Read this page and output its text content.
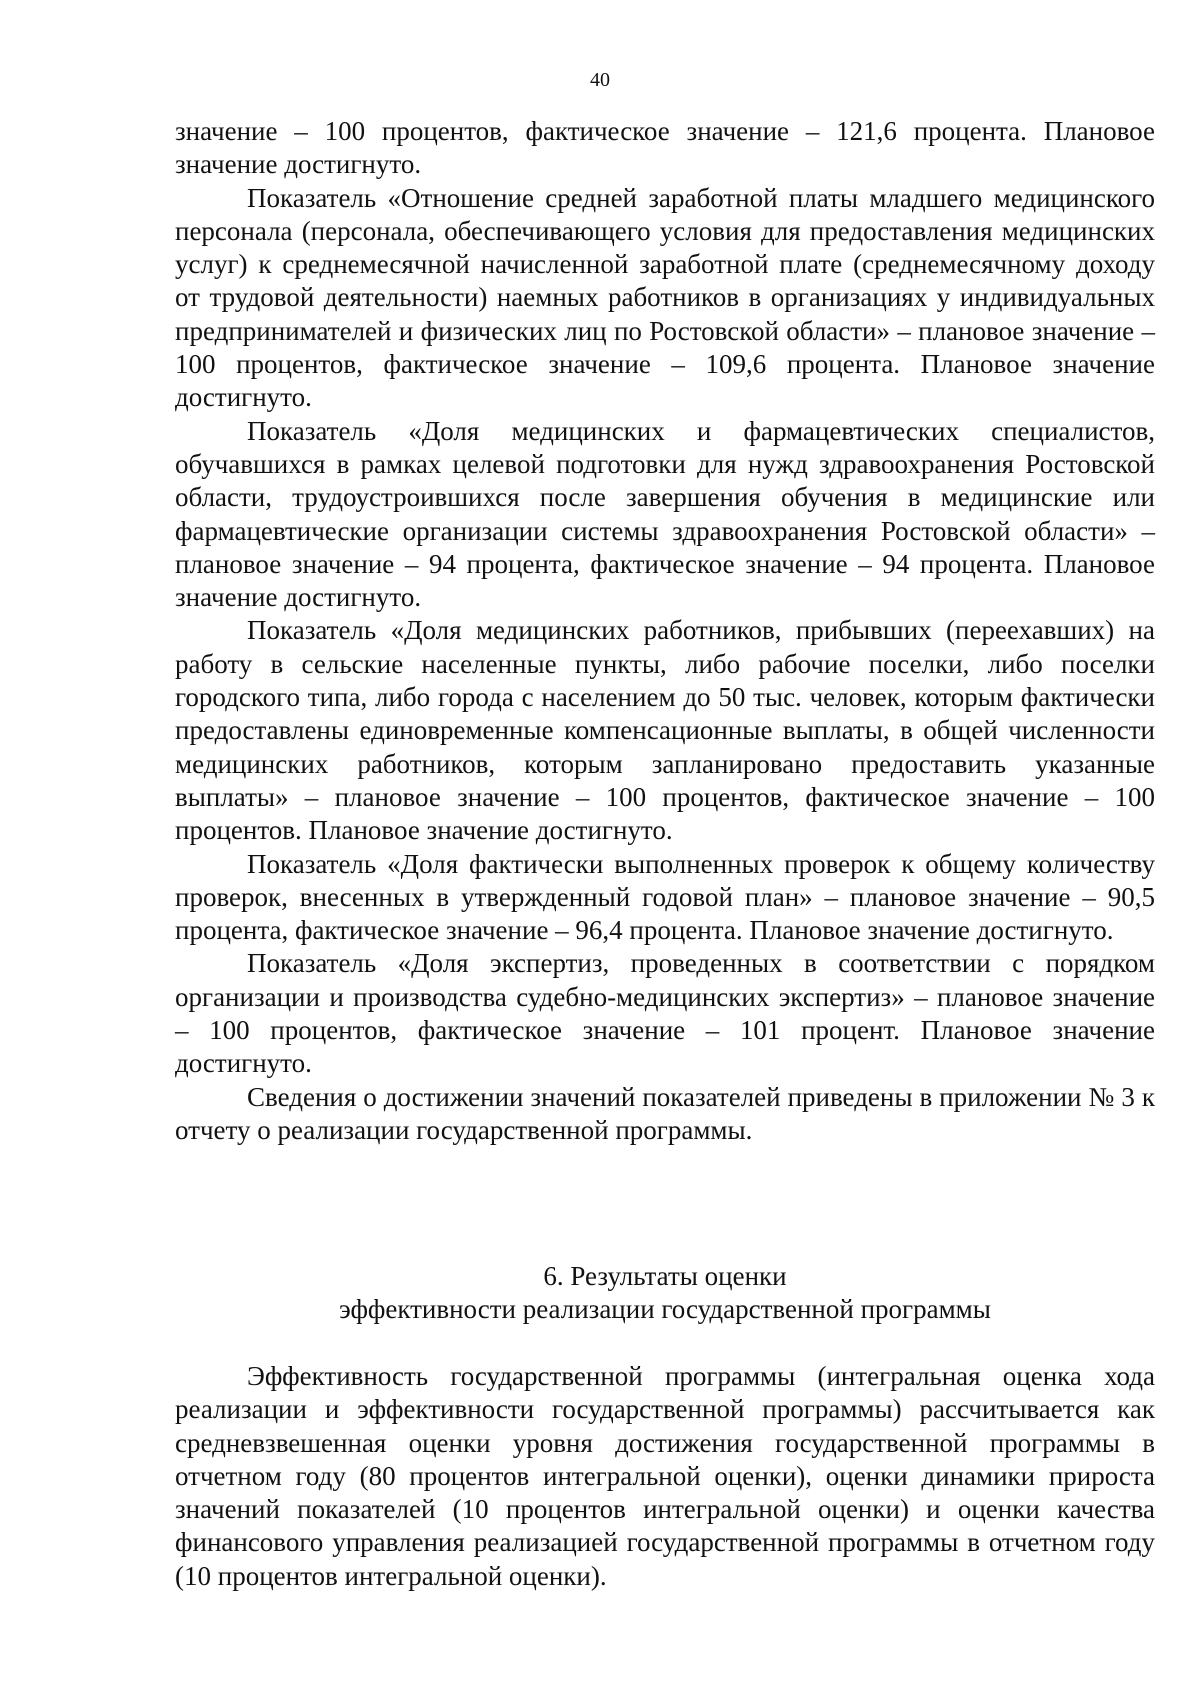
40

значение – 100 процентов, фактическое значение – 121,6 процента. Плановое значение достигнуто.

Показатель «Отношение средней заработной платы младшего медицинского персонала (персонала, обеспечивающего условия для предоставления медицинских услуг) к среднемесячной начисленной заработной плате (среднемесячному доходу от трудовой деятельности) наемных работников в организациях у индивидуальных предпринимателей и физических лиц по Ростовской области» – плановое значение – 100 процентов, фактическое значение – 109,6 процента. Плановое значение достигнуто.

Показатель «Доля медицинских и фармацевтических специалистов, обучавшихся в рамках целевой подготовки для нужд здравоохранения Ростовской области, трудоустроившихся после завершения обучения в медицинские или фармацевтические организации системы здравоохранения Ростовской области» – плановое значение – 94 процента, фактическое значение – 94 процента. Плановое значение достигнуто.

Показатель «Доля медицинских работников, прибывших (переехавших) на работу в сельские населенные пункты, либо рабочие поселки, либо поселки городского типа, либо города с населением до 50 тыс. человек, которым фактически предоставлены единовременные компенсационные выплаты, в общей численности медицинских работников, которым запланировано предоставить указанные выплаты» – плановое значение – 100 процентов, фактическое значение – 100 процентов. Плановое значение достигнуто.

Показатель «Доля фактически выполненных проверок к общему количеству проверок, внесенных в утвержденный годовой план» – плановое значение – 90,5 процента, фактическое значение – 96,4 процента. Плановое значение достигнуто.

Показатель «Доля экспертиз, проведенных в соответствии с порядком организации и производства судебно-медицинских экспертиз» – плановое значение – 100 процентов, фактическое значение – 101 процент. Плановое значение достигнуто.

Сведения о достижении значений показателей приведены в приложении № 3 к отчету о реализации государственной программы.

6. Результаты оценки
эффективности реализации государственной программы

Эффективность государственной программы (интегральная оценка хода реализации и эффективности государственной программы) рассчитывается как средневзвешенная оценки уровня достижения государственной программы в отчетном году (80 процентов интегральной оценки), оценки динамики прироста значений показателей (10 процентов интегральной оценки) и оценки качества финансового управления реализацией государственной программы в отчетном году (10 процентов интегральной оценки).
